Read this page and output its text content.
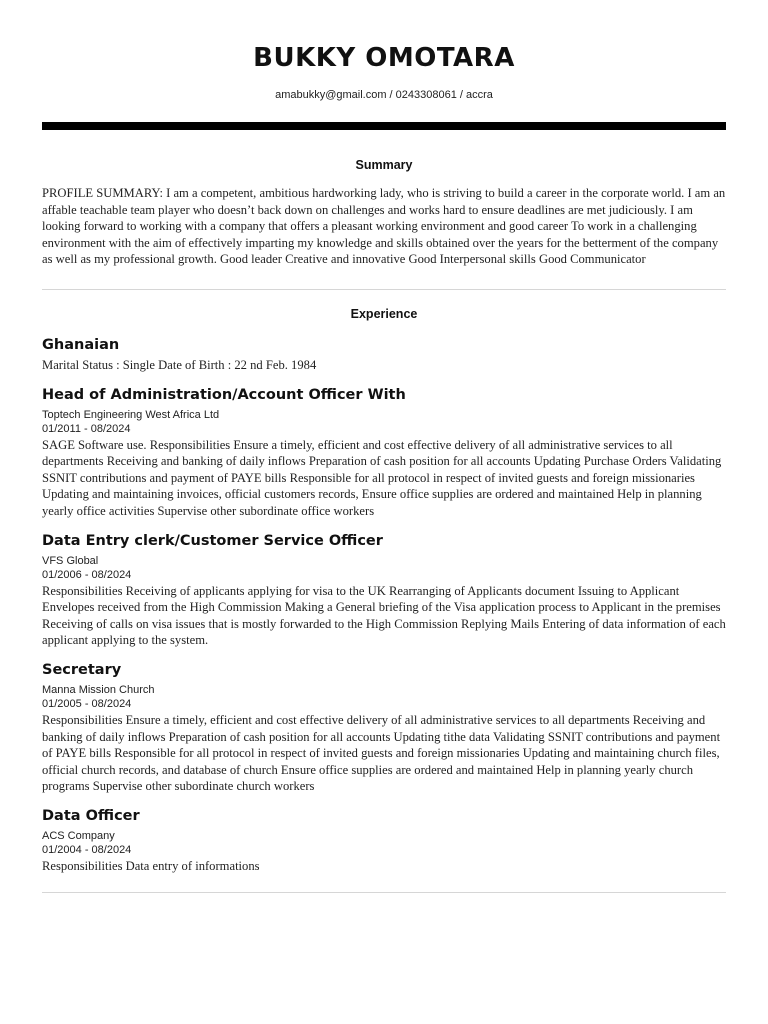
BUKKY OMOTARA
amabukky@gmail.com / 0243308061 / accra
Summary
PROFILE SUMMARY: I am a competent, ambitious hardworking lady, who is striving to build a career in the corporate world. I am an affable teachable team player who doesn’t back down on challenges and works hard to ensure deadlines are met judiciously. I am looking forward to working with a company that offers a pleasant working environment and good career To work in a challenging environment with the aim of effectively imparting my knowledge and skills obtained over the years for the betterment of the company as well as my professional growth. Good leader Creative and innovative Good Interpersonal skills Good Communicator
Experience
Ghanaian
Marital Status : Single Date of Birth : 22 nd Feb. 1984
Head of Administration/Account Officer With
Toptech Engineering West Africa Ltd
01/2011 - 08/2024
SAGE Software use. Responsibilities Ensure a timely, efficient and cost effective delivery of all administrative services to all departments Receiving and banking of daily inflows Preparation of cash position for all accounts Updating Purchase Orders Validating SSNIT contributions and payment of PAYE bills Responsible for all protocol in respect of invited guests and foreign missionaries Updating and maintaining invoices, official customers records, Ensure office supplies are ordered and maintained Help in planning yearly office activities Supervise other subordinate office workers
Data Entry clerk/Customer Service Officer
VFS Global
01/2006 - 08/2024
Responsibilities Receiving of applicants applying for visa to the UK Rearranging of Applicants document Issuing to Applicant Envelopes received from the High Commission Making a General briefing of the Visa application process to Applicant in the premises Receiving of calls on visa issues that is mostly forwarded to the High Commission Replying Mails Entering of data information of each applicant applying to the system.
Secretary
Manna Mission Church
01/2005 - 08/2024
Responsibilities Ensure a timely, efficient and cost effective delivery of all administrative services to all departments Receiving and banking of daily inflows Preparation of cash position for all accounts Updating tithe data Validating SSNIT contributions and payment of PAYE bills Responsible for all protocol in respect of invited guests and foreign missionaries Updating and maintaining church files, official church records, and database of church Ensure office supplies are ordered and maintained Help in planning yearly church programs Supervise other subordinate church workers
Data Officer
ACS Company
01/2004 - 08/2024
Responsibilities Data entry of informations
